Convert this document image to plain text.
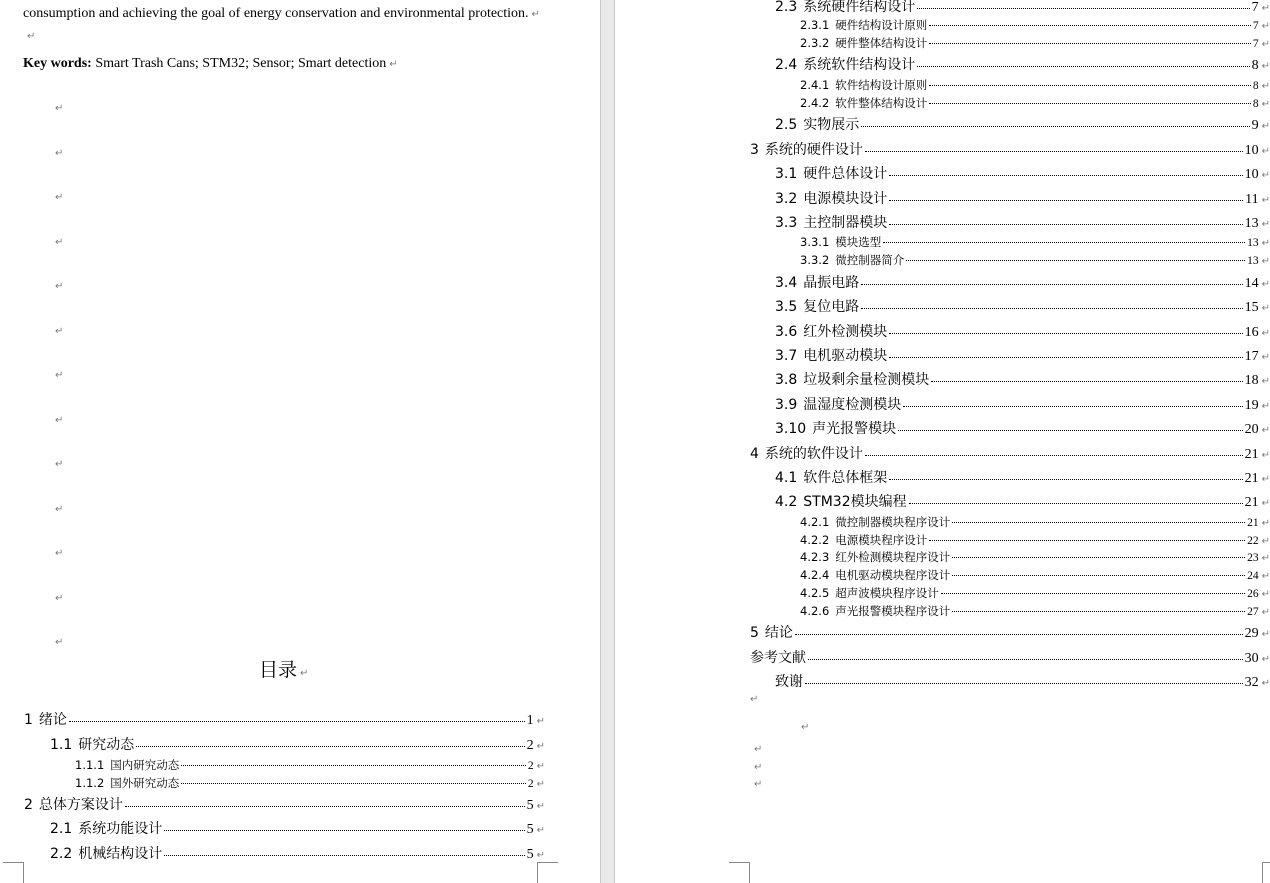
consumption and achieving the goal of energy conservation and environmental protection. ↵
↵
Key words: Smart Trash Cans; STM32; Sensor; Smart detection ↵
↵
↵
↵
↵
↵
↵
↵
↵
↵
↵
↵
↵
↵
目录 ↵
1 绪论	1 ↵
1.1 研究动态	2 ↵
1.1.1 国内研究动态	2 ↵
1.1.2 国外研究动态	2 ↵
2 总体方案设计	5 ↵
2.1 系统功能设计	5 ↵
2.2 机械结构设计	5 ↵
2.3 系统硬件结构设计	7 ↵
2.3.1 硬件结构设计原则	7 ↵
2.3.2 硬件整体结构设计	7 ↵
2.4 系统软件结构设计	8 ↵
2.4.1 软件结构设计原则	8 ↵
2.4.2 软件整体结构设计	8 ↵
2.5 实物展示	9 ↵
3 系统的硬件设计	10 ↵
3.1 硬件总体设计	10 ↵
3.2 电源模块设计	11 ↵
3.3 主控制器模块	13 ↵
3.3.1 模块选型	13 ↵
3.3.2 微控制器简介	13 ↵
3.4 晶振电路	14 ↵
3.5 复位电路	15 ↵
3.6 红外检测模块	16 ↵
3.7 电机驱动模块	17 ↵
3.8 垃圾剩余量检测模块	18 ↵
3.9 温湿度检测模块	19 ↵
3.10 声光报警模块	20 ↵
4 系统的软件设计	21 ↵
4.1 软件总体框架	21 ↵
4.2 STM32模块编程	21 ↵
4.2.1 微控制器模块程序设计	21 ↵
4.2.2 电源模块程序设计	22 ↵
4.2.3 红外检测模块程序设计	23 ↵
4.2.4 电机驱动模块程序设计	24 ↵
4.2.5 超声波模块程序设计	26 ↵
4.2.6 声光报警模块程序设计	27 ↵
5 结论	29 ↵
参考文献	30 ↵
致谢	32 ↵
↵
↵
↵
↵
↵
